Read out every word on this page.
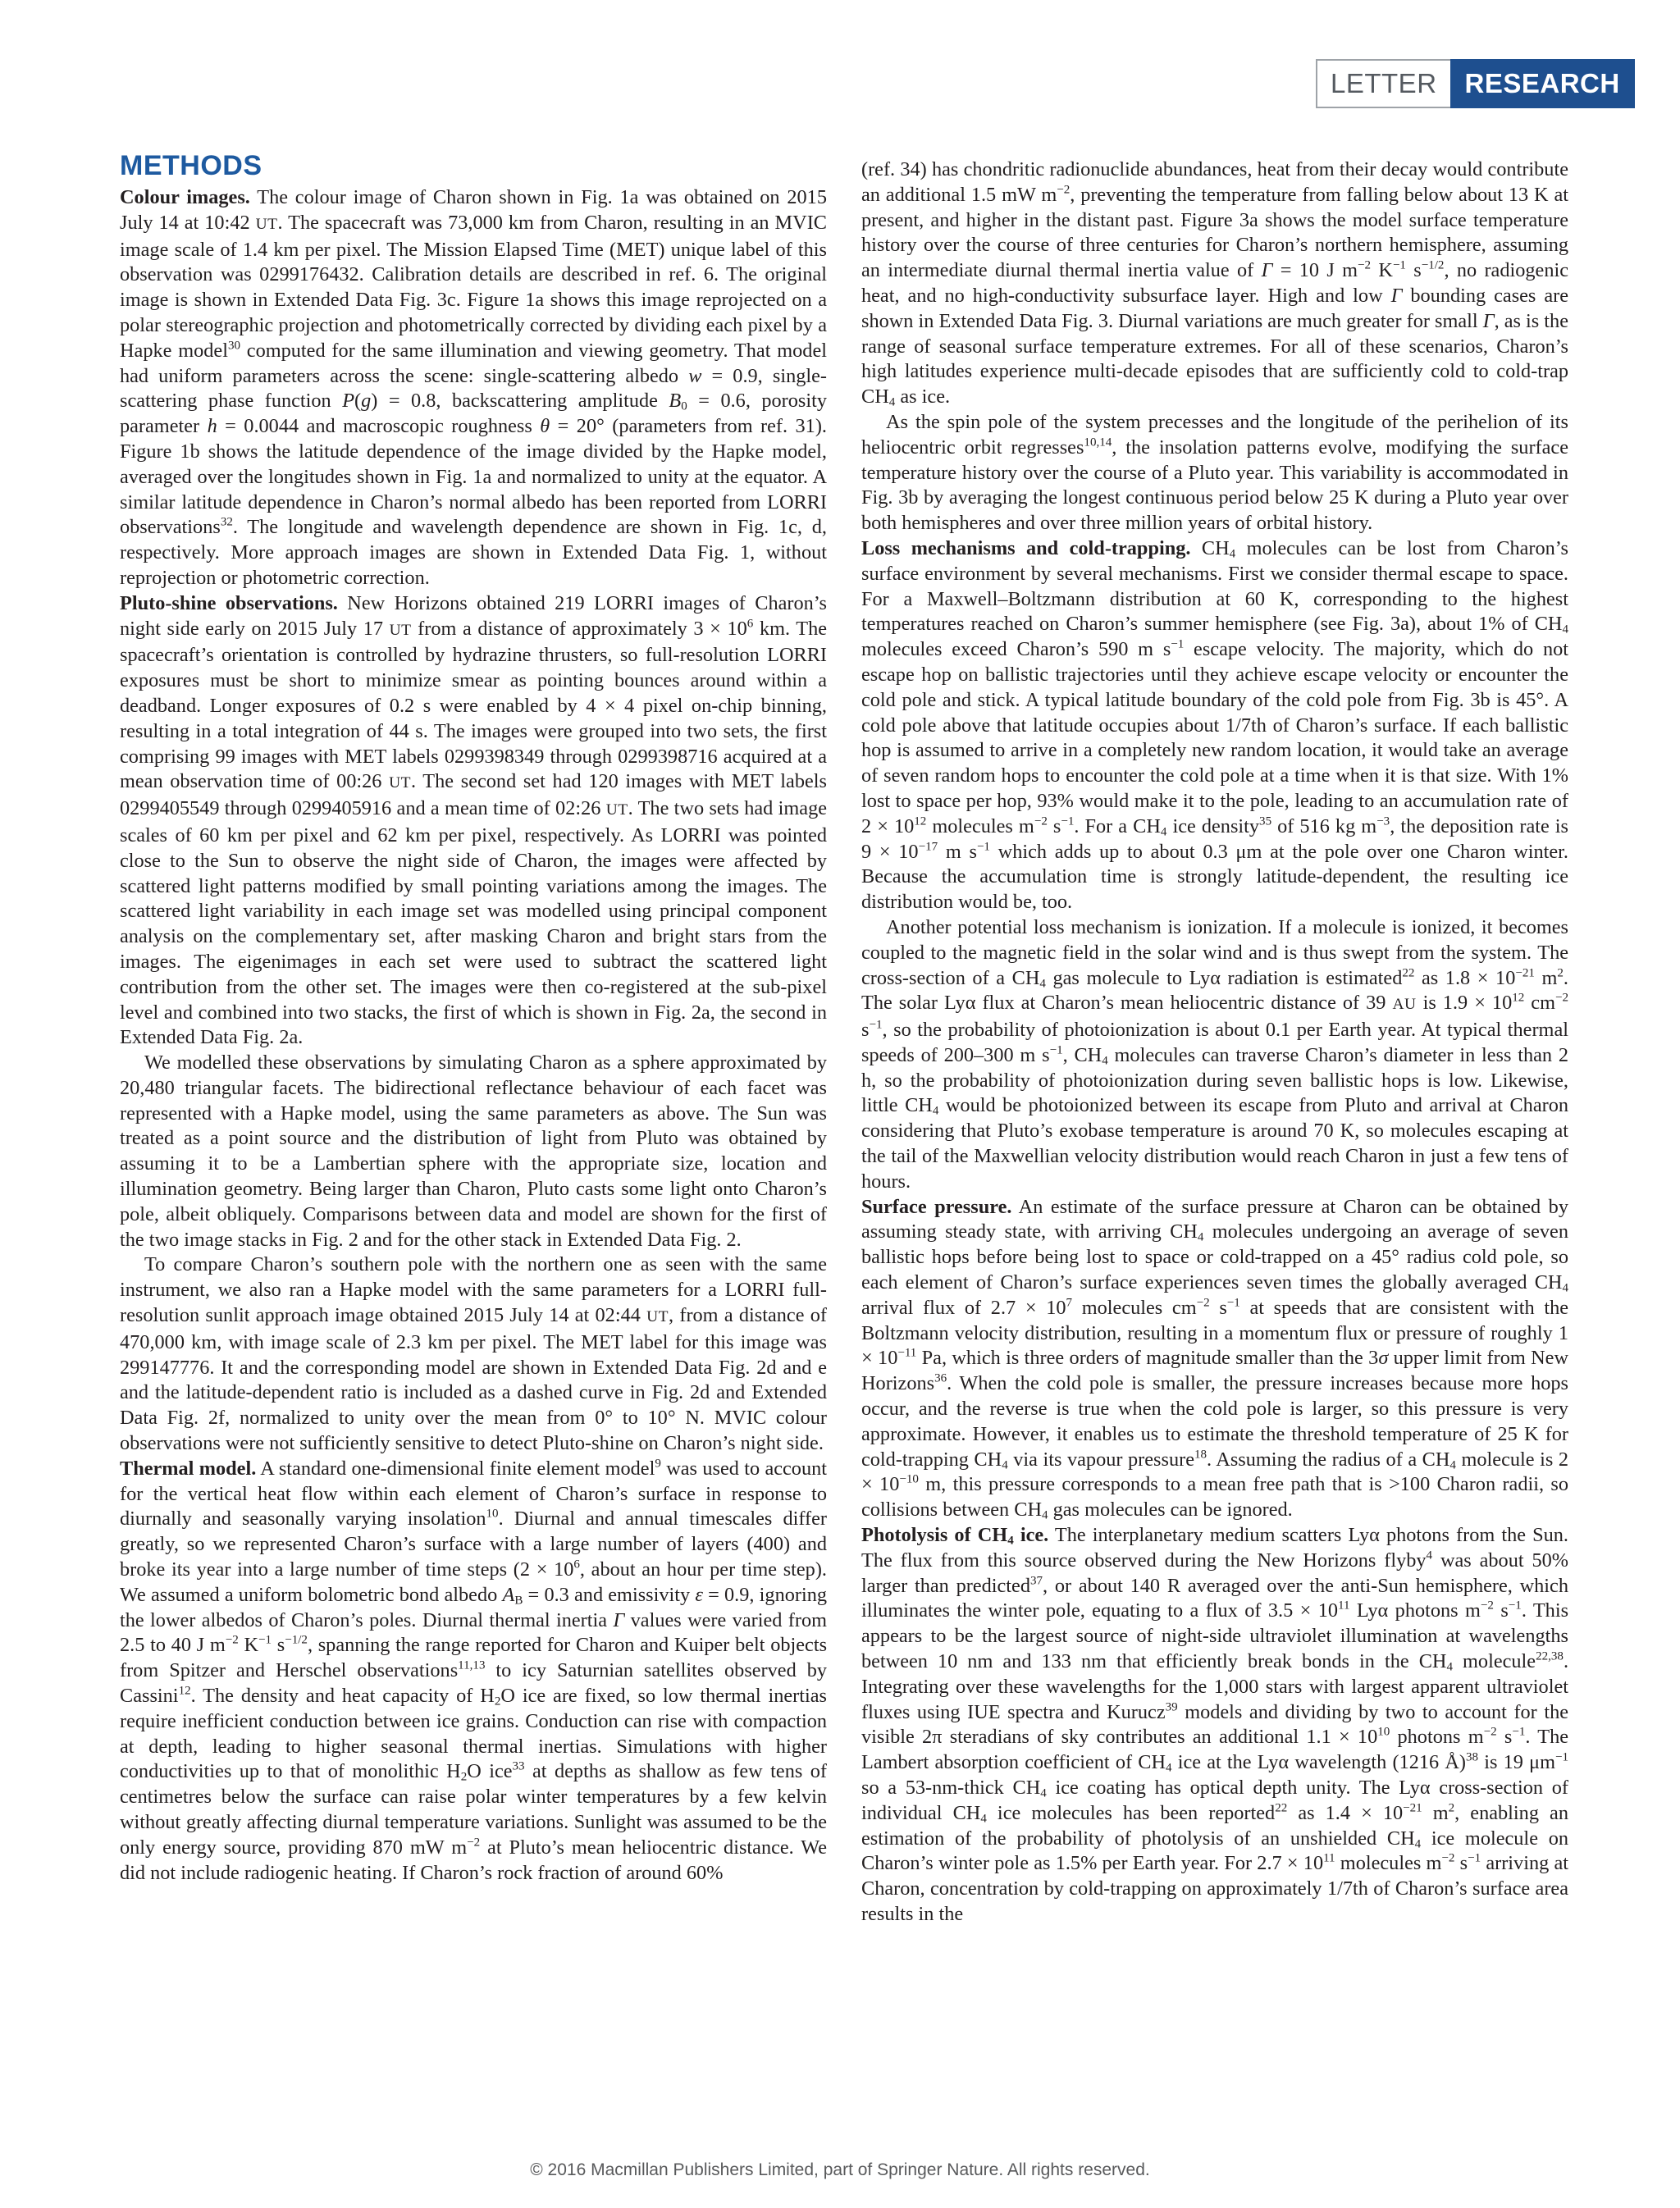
LETTER	RESEARCH
METHODS

Colour images. The colour image of Charon shown in Fig. 1a was obtained on 2015 July 14 at 10:42 UT. The spacecraft was 73,000 km from Charon, resulting in an MVIC image scale of 1.4 km per pixel. The Mission Elapsed Time (MET) unique label of this observation was 0299176432. Calibration details are described in ref. 6. The original image is shown in Extended Data Fig. 3c. Figure 1a shows this image reprojected on a polar stereographic projection and photometrically corrected by dividing each pixel by a Hapke model$^{30}$ computed for the same illumination and viewing geometry. That model had uniform parameters across the scene: single-scattering albedo w = 0.9, single-scattering phase function P(g) = 0.8, backscattering amplitude $B_0 = 0.6$, porosity parameter h = 0.0044 and macroscopic roughness θ = 20° (parameters from ref. 31). Figure 1b shows the latitude dependence of the image divided by the Hapke model, averaged over the longitudes shown in Fig. 1a and normalized to unity at the equator. A similar latitude dependence in Charon’s normal albedo has been reported from LORRI observations$^{32}$. The longitude and wavelength dependence are shown in Fig. 1c, d, respectively. More approach images are shown in Extended Data Fig. 1, without reprojection or photometric correction.

Pluto-shine observations. New Horizons obtained 219 LORRI images of Charon’s night side early on 2015 July 17 UT from a distance of approximately $3 \times 10^6$ km. The spacecraft’s orientation is controlled by hydrazine thrusters, so full-resolution LORRI exposures must be short to minimize smear as pointing bounces around within a deadband. Longer exposures of 0.2 s were enabled by 4 × 4 pixel on-chip binning, resulting in a total integration of 44 s. The images were grouped into two sets, the first comprising 99 images with MET labels 0299398349 through 0299398716 acquired at a mean observation time of 00:26 UT. The second set had 120 images with MET labels 0299405549 through 0299405916 and a mean time of 02:26 UT. The two sets had image scales of 60 km per pixel and 62 km per pixel, respectively. As LORRI was pointed close to the Sun to observe the night side of Charon, the images were affected by scattered light patterns modified by small pointing variations among the images. The scattered light variability in each image set was modelled using principal component analysis on the complementary set, after masking Charon and bright stars from the images. The eigenimages in each set were used to subtract the scattered light contribution from the other set. The images were then co-registered at the sub-pixel level and combined into two stacks, the first of which is shown in Fig. 2a, the second in Extended Data Fig. 2a.

We modelled these observations by simulating Charon as a sphere approximated by 20,480 triangular facets. The bidirectional reflectance behaviour of each facet was represented with a Hapke model, using the same parameters as above. The Sun was treated as a point source and the distribution of light from Pluto was obtained by assuming it to be a Lambertian sphere with the appropriate size, location and illumination geometry. Being larger than Charon, Pluto casts some light onto Charon’s pole, albeit obliquely. Comparisons between data and model are shown for the first of the two image stacks in Fig. 2 and for the other stack in Extended Data Fig. 2.

To compare Charon’s southern pole with the northern one as seen with the same instrument, we also ran a Hapke model with the same parameters for a LORRI full-resolution sunlit approach image obtained 2015 July 14 at 02:44 UT, from a distance of 470,000 km, with image scale of 2.3 km per pixel. The MET label for this image was 299147776. It and the corresponding model are shown in Extended Data Fig. 2d and e and the latitude-dependent ratio is included as a dashed curve in Fig. 2d and Extended Data Fig. 2f, normalized to unity over the mean from 0° to 10° N. MVIC colour observations were not sufficiently sensitive to detect Pluto-shine on Charon’s night side.

Thermal model. A standard one-dimensional finite element model$^9$ was used to account for the vertical heat flow within each element of Charon’s surface in response to diurnally and seasonally varying insolation$^{10}$. Diurnal and annual timescales differ greatly, so we represented Charon’s surface with a large number of layers (400) and broke its year into a large number of time steps ($2 \times 10^6$, about an hour per time step). We assumed a uniform bolometric bond albedo $A_B = 0.3$ and emissivity ε = 0.9, ignoring the lower albedos of Charon’s poles. Diurnal thermal inertia Γ values were varied from 2.5 to 40 J $m^{-2}$ $K^{-1}$ $s^{-1/2}$, spanning the range reported for Charon and Kuiper belt objects from Spitzer and Herschel observations$^{11,13}$ to icy Saturnian satellites observed by Cassini$^{12}$. The density and heat capacity of $H_2O$ ice are fixed, so low thermal inertias require inefficient conduction between ice grains. Conduction can rise with compaction at depth, leading to higher seasonal thermal inertias. Simulations with higher conductivities up to that of monolithic $H_2O$ ice$^{33}$ at depths as shallow as few tens of centimetres below the surface can raise polar winter temperatures by a few kelvin without greatly affecting diurnal temperature variations. Sunlight was assumed to be the only energy source, providing 870 mW $m^{-2}$ at Pluto’s mean heliocentric distance. We did not include radiogenic heating. If Charon’s rock fraction of around 60%

(ref. 34) has chondritic radionuclide abundances, heat from their decay would contribute an additional 1.5 mW $m^{-2}$, preventing the temperature from falling below about 13 K at present, and higher in the distant past. Figure 3a shows the model surface temperature history over the course of three centuries for Charon’s northern hemisphere, assuming an intermediate diurnal thermal inertia value of Γ = 10 J $m^{-2}$ $K^{-1}$ $s^{-1/2}$, no radiogenic heat, and no high-conductivity subsurface layer. High and low Γ bounding cases are shown in Extended Data Fig. 3. Diurnal variations are much greater for small Γ, as is the range of seasonal surface temperature extremes. For all of these scenarios, Charon’s high latitudes experience multi-decade episodes that are sufficiently cold to cold-trap $CH_4$ as ice.

As the spin pole of the system precesses and the longitude of the perihelion of its heliocentric orbit regresses$^{10,14}$, the insolation patterns evolve, modifying the surface temperature history over the course of a Pluto year. This variability is accommodated in Fig. 3b by averaging the longest continuous period below 25 K during a Pluto year over both hemispheres and over three million years of orbital history.

Loss mechanisms and cold-trapping. $CH_4$ molecules can be lost from Charon’s surface environment by several mechanisms. First we consider thermal escape to space. For a Maxwell–Boltzmann distribution at 60 K, corresponding to the highest temperatures reached on Charon’s summer hemisphere (see Fig. 3a), about 1% of $CH_4$ molecules exceed Charon’s 590 m $s^{-1}$ escape velocity. The majority, which do not escape hop on ballistic trajectories until they achieve escape velocity or encounter the cold pole and stick. A typical latitude boundary of the cold pole from Fig. 3b is 45°. A cold pole above that latitude occupies about 1/7th of Charon’s surface. If each ballistic hop is assumed to arrive in a completely new random location, it would take an average of seven random hops to encounter the cold pole at a time when it is that size. With 1% lost to space per hop, 93% would make it to the pole, leading to an accumulation rate of $2 \times 10^{12}$ molecules $m^{-2}$ $s^{-1}$. For a $CH_4$ ice density$^{35}$ of 516 kg $m^{-3}$, the deposition rate is $9 \times 10^{-17}$ m $s^{-1}$ which adds up to about 0.3 μm at the pole over one Charon winter. Because the accumulation time is strongly latitude-dependent, the resulting ice distribution would be, too.

Another potential loss mechanism is ionization. If a molecule is ionized, it becomes coupled to the magnetic field in the solar wind and is thus swept from the system. The cross-section of a $CH_4$ gas molecule to Lyα radiation is estimated$^{22}$ as $1.8 \times 10^{-21}$ $m^2$. The solar Lyα flux at Charon’s mean heliocentric distance of 39 AU is $1.9 \times 10^{12}$ $cm^{-2}$ $s^{-1}$, so the probability of photoionization is about 0.1 per Earth year. At typical thermal speeds of 200–300 m $s^{-1}$, $CH_4$ molecules can traverse Charon’s diameter in less than 2 h, so the probability of photoionization during seven ballistic hops is low. Likewise, little $CH_4$ would be photoionized between its escape from Pluto and arrival at Charon considering that Pluto’s exobase temperature is around 70 K, so molecules escaping at the tail of the Maxwellian velocity distribution would reach Charon in just a few tens of hours.

Surface pressure. An estimate of the surface pressure at Charon can be obtained by assuming steady state, with arriving $CH_4$ molecules undergoing an average of seven ballistic hops before being lost to space or cold-trapped on a 45° radius cold pole, so each element of Charon’s surface experiences seven times the globally averaged $CH_4$ arrival flux of $2.7 \times 10^7$ molecules $cm^{-2}$ $s^{-1}$ at speeds that are consistent with the Boltzmann velocity distribution, resulting in a momentum flux or pressure of roughly $1 \times 10^{-11}$ Pa, which is three orders of magnitude smaller than the 3σ upper limit from New Horizons$^{36}$. When the cold pole is smaller, the pressure increases because more hops occur, and the reverse is true when the cold pole is larger, so this pressure is very approximate. However, it enables us to estimate the threshold temperature of 25 K for cold-trapping $CH_4$ via its vapour pressure$^{18}$. Assuming the radius of a $CH_4$ molecule is $2 \times 10^{-10}$ m, this pressure corresponds to a mean free path that is >100 Charon radii, so collisions between $CH_4$ gas molecules can be ignored.

Photolysis of $CH_4$ ice. The interplanetary medium scatters Lyα photons from the Sun. The flux from this source observed during the New Horizons flyby$^4$ was about 50% larger than predicted$^{37}$, or about 140 R averaged over the anti-Sun hemisphere, which illuminates the winter pole, equating to a flux of $3.5 \times 10^{11}$ Lyα photons $m^{-2}$ $s^{-1}$. This appears to be the largest source of night-side ultraviolet illumination at wavelengths between 10 nm and 133 nm that efficiently break bonds in the $CH_4$ molecule$^{22,38}$. Integrating over these wavelengths for the 1,000 stars with largest apparent ultraviolet fluxes using IUE spectra and Kurucz$^{39}$ models and dividing by two to account for the visible 2π steradians of sky contributes an additional $1.1 \times 10^{10}$ photons $m^{-2}$ $s^{-1}$. The Lambert absorption coefficient of $CH_4$ ice at the Lyα wavelength (1216 Å)$^{38}$ is 19 $\mu m^{-1}$ so a 53-nm-thick $CH_4$ ice coating has optical depth unity. The Lyα cross-section of individual $CH_4$ ice molecules has been reported$^{22}$ as $1.4 \times 10^{-21}$ $m^2$, enabling an estimation of the probability of photolysis of an unshielded $CH_4$ ice molecule on Charon’s winter pole as 1.5% per Earth year. For $2.7 \times 10^{11}$ molecules $m^{-2}$ $s^{-1}$ arriving at Charon, concentration by cold-trapping on approximately 1/7th of Charon’s surface area results in the

© 2016 Macmillan Publishers Limited, part of Springer Nature. All rights reserved.
